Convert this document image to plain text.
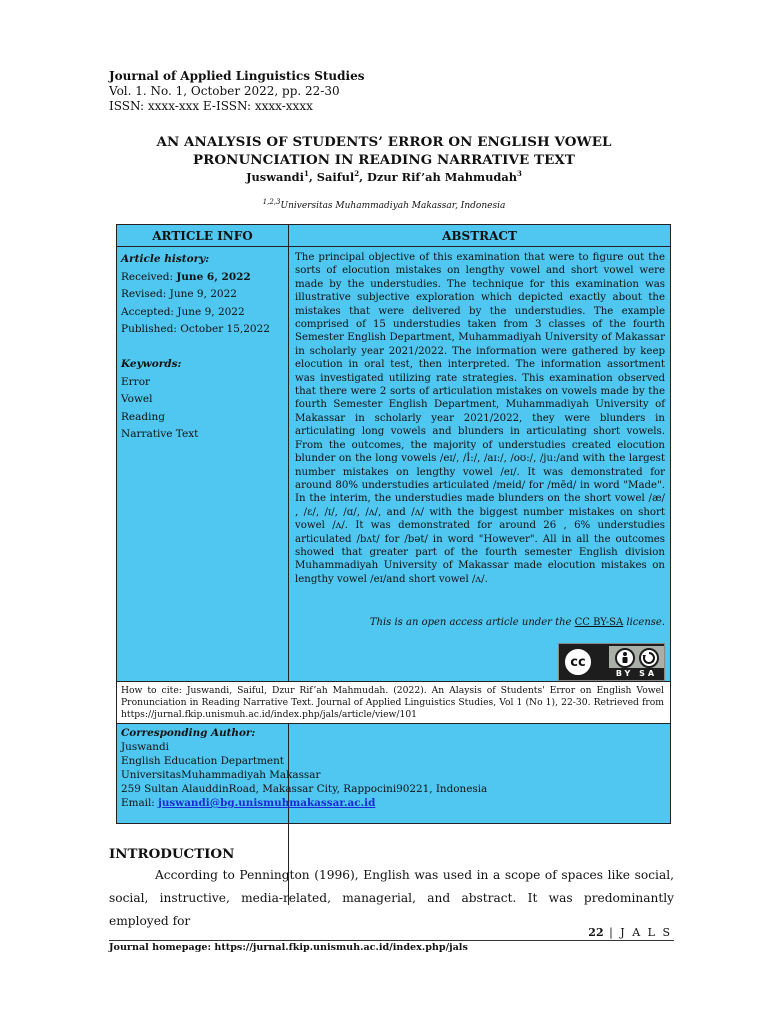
Journal of Applied Linguistics Studies
Vol. 1. No. 1, October 2022, pp. 22-30
ISSN: xxxx-xxx E-ISSN: xxxx-xxxx
AN ANALYSIS OF STUDENTS’ ERROR ON ENGLISH VOWEL
PRONUNCIATION IN READING NARRATIVE TEXT
Juswandi$^1$, Saiful$^2$, Dzur Rif’ah Mahmudah$^3$
$^{1,2,3}$Universitas Muhammadiyah Makassar, Indonesia
ARTICLE INFO	ABSTRACT
Article history:
Received: June 6, 2022
Revised: June 9, 2022
Accepted: June 9, 2022
Published: October 15,2022
Keywords:
Error
Vowel
Reading
Narrative Text
The principal objective of this examination that were to figure out the sorts of elocution mistakes on lengthy vowel and short vowel were made by the understudies. The technique for this examination was illustrative subjective exploration which depicted exactly about the mistakes that were delivered by the understudies. The example comprised of 15 understudies taken from 3 classes of the fourth Semester English Department, Muhammadiyah University of Makassar in scholarly year 2021/2022. The information were gathered by keep elocution in oral test, then interpreted. The information assortment was investigated utilizing rate strategies. This examination observed that there were 2 sorts of articulation mistakes on vowels made by the fourth Semester English Department, Muhammadiyah University of Makassar in scholarly year 2021/2022, they were blunders in articulating long vowels and blunders in articulating short vowels. From the outcomes, the majority of understudies created elocution blunder on the long vowels /eɪ/, /İ:/, /aɪ:/, /oʊ:/, /ju:/and with the largest number mistakes on lengthy vowel /eɪ/. It was demonstrated for around 80% understudies articulated /meid/ for /mēd/ in word "Made". In the interim, the understudies made blunders on the short vowel /æ/ , /ɛ/, /ɪ/, /ɑ/, /ʌ/, and /ʌ/ with the biggest number mistakes on short vowel /ʌ/. It was demonstrated for around 26 , 6% understudies articulated /bʌt/ for /bət/ in word "However". All in all the outcomes showed that greater part of the fourth semester English division Muhammadiyah University of Makassar made elocution mistakes on lengthy vowel /eɪ/and short vowel /ʌ/.
This is an open access article under the CC BY-SA license.
cc
BY SA
How to cite: Juswandi, Saiful, Dzur Rif’ah Mahmudah. (2022). An Alaysis of Students' Error on English Vowel Pronunciation in Reading Narrative Text. Journal of Applied Linguistics Studies, Vol 1 (No 1), 22-30. Retrieved from https://jurnal.fkip.unismuh.ac.id/index.php/jals/article/view/101
Corresponding Author:
Juswandi
English Education Department
UniversitasMuhammadiyah Makassar
259 Sultan AlauddinRoad, Makassar City, Rappocini90221, Indonesia
Email: juswandi@bg.unismuhmakassar.ac.id
INTRODUCTION
According to Pennington (1996), English was used in a scope of spaces like social, social, instructive, media-related, managerial, and abstract. It was predominantly employed for
22 | J A L S
Journal homepage: https://jurnal.fkip.unismuh.ac.id/index.php/jals
